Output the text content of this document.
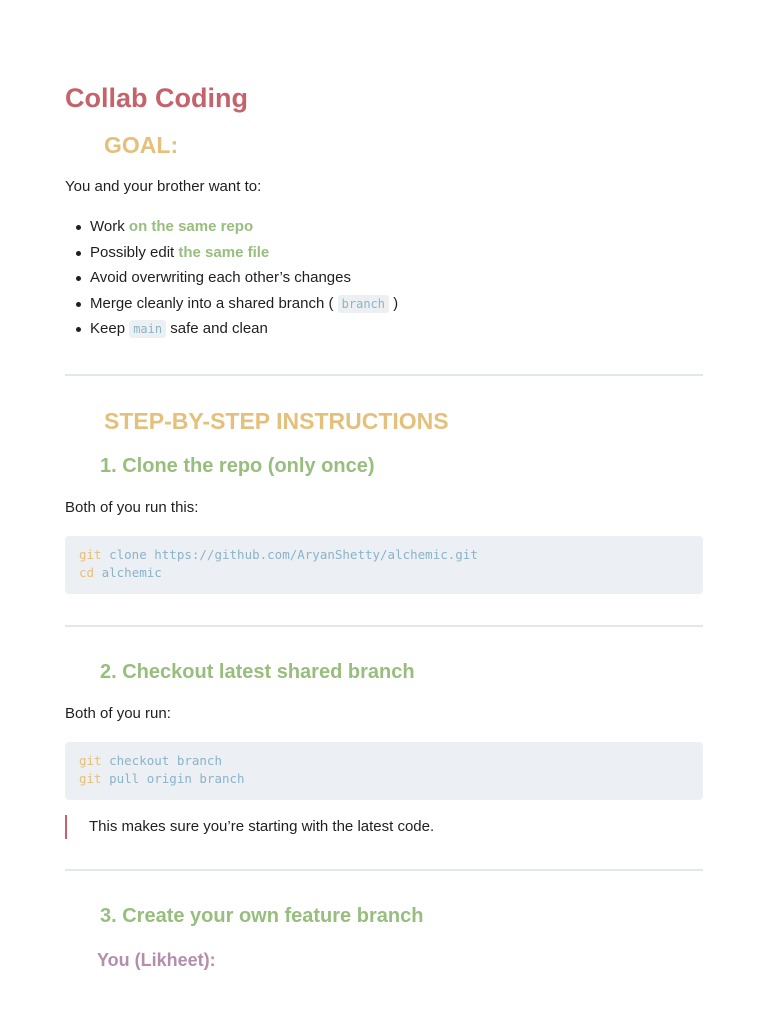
Collab Coding
GOAL:
You and your brother want to:
Work on the same repo
Possibly edit the same file
Avoid overwriting each other’s changes
Merge cleanly into a shared branch ( branch )
Keep main safe and clean
STEP-BY-STEP INSTRUCTIONS
1. Clone the repo (only once)
Both of you run this:
git clone https://github.com/AryanShetty/alchemic.git
cd alchemic
2. Checkout latest shared branch
Both of you run:
git checkout branch
git pull origin branch
This makes sure you’re starting with the latest code.
3. Create your own feature branch
You (Likheet):
